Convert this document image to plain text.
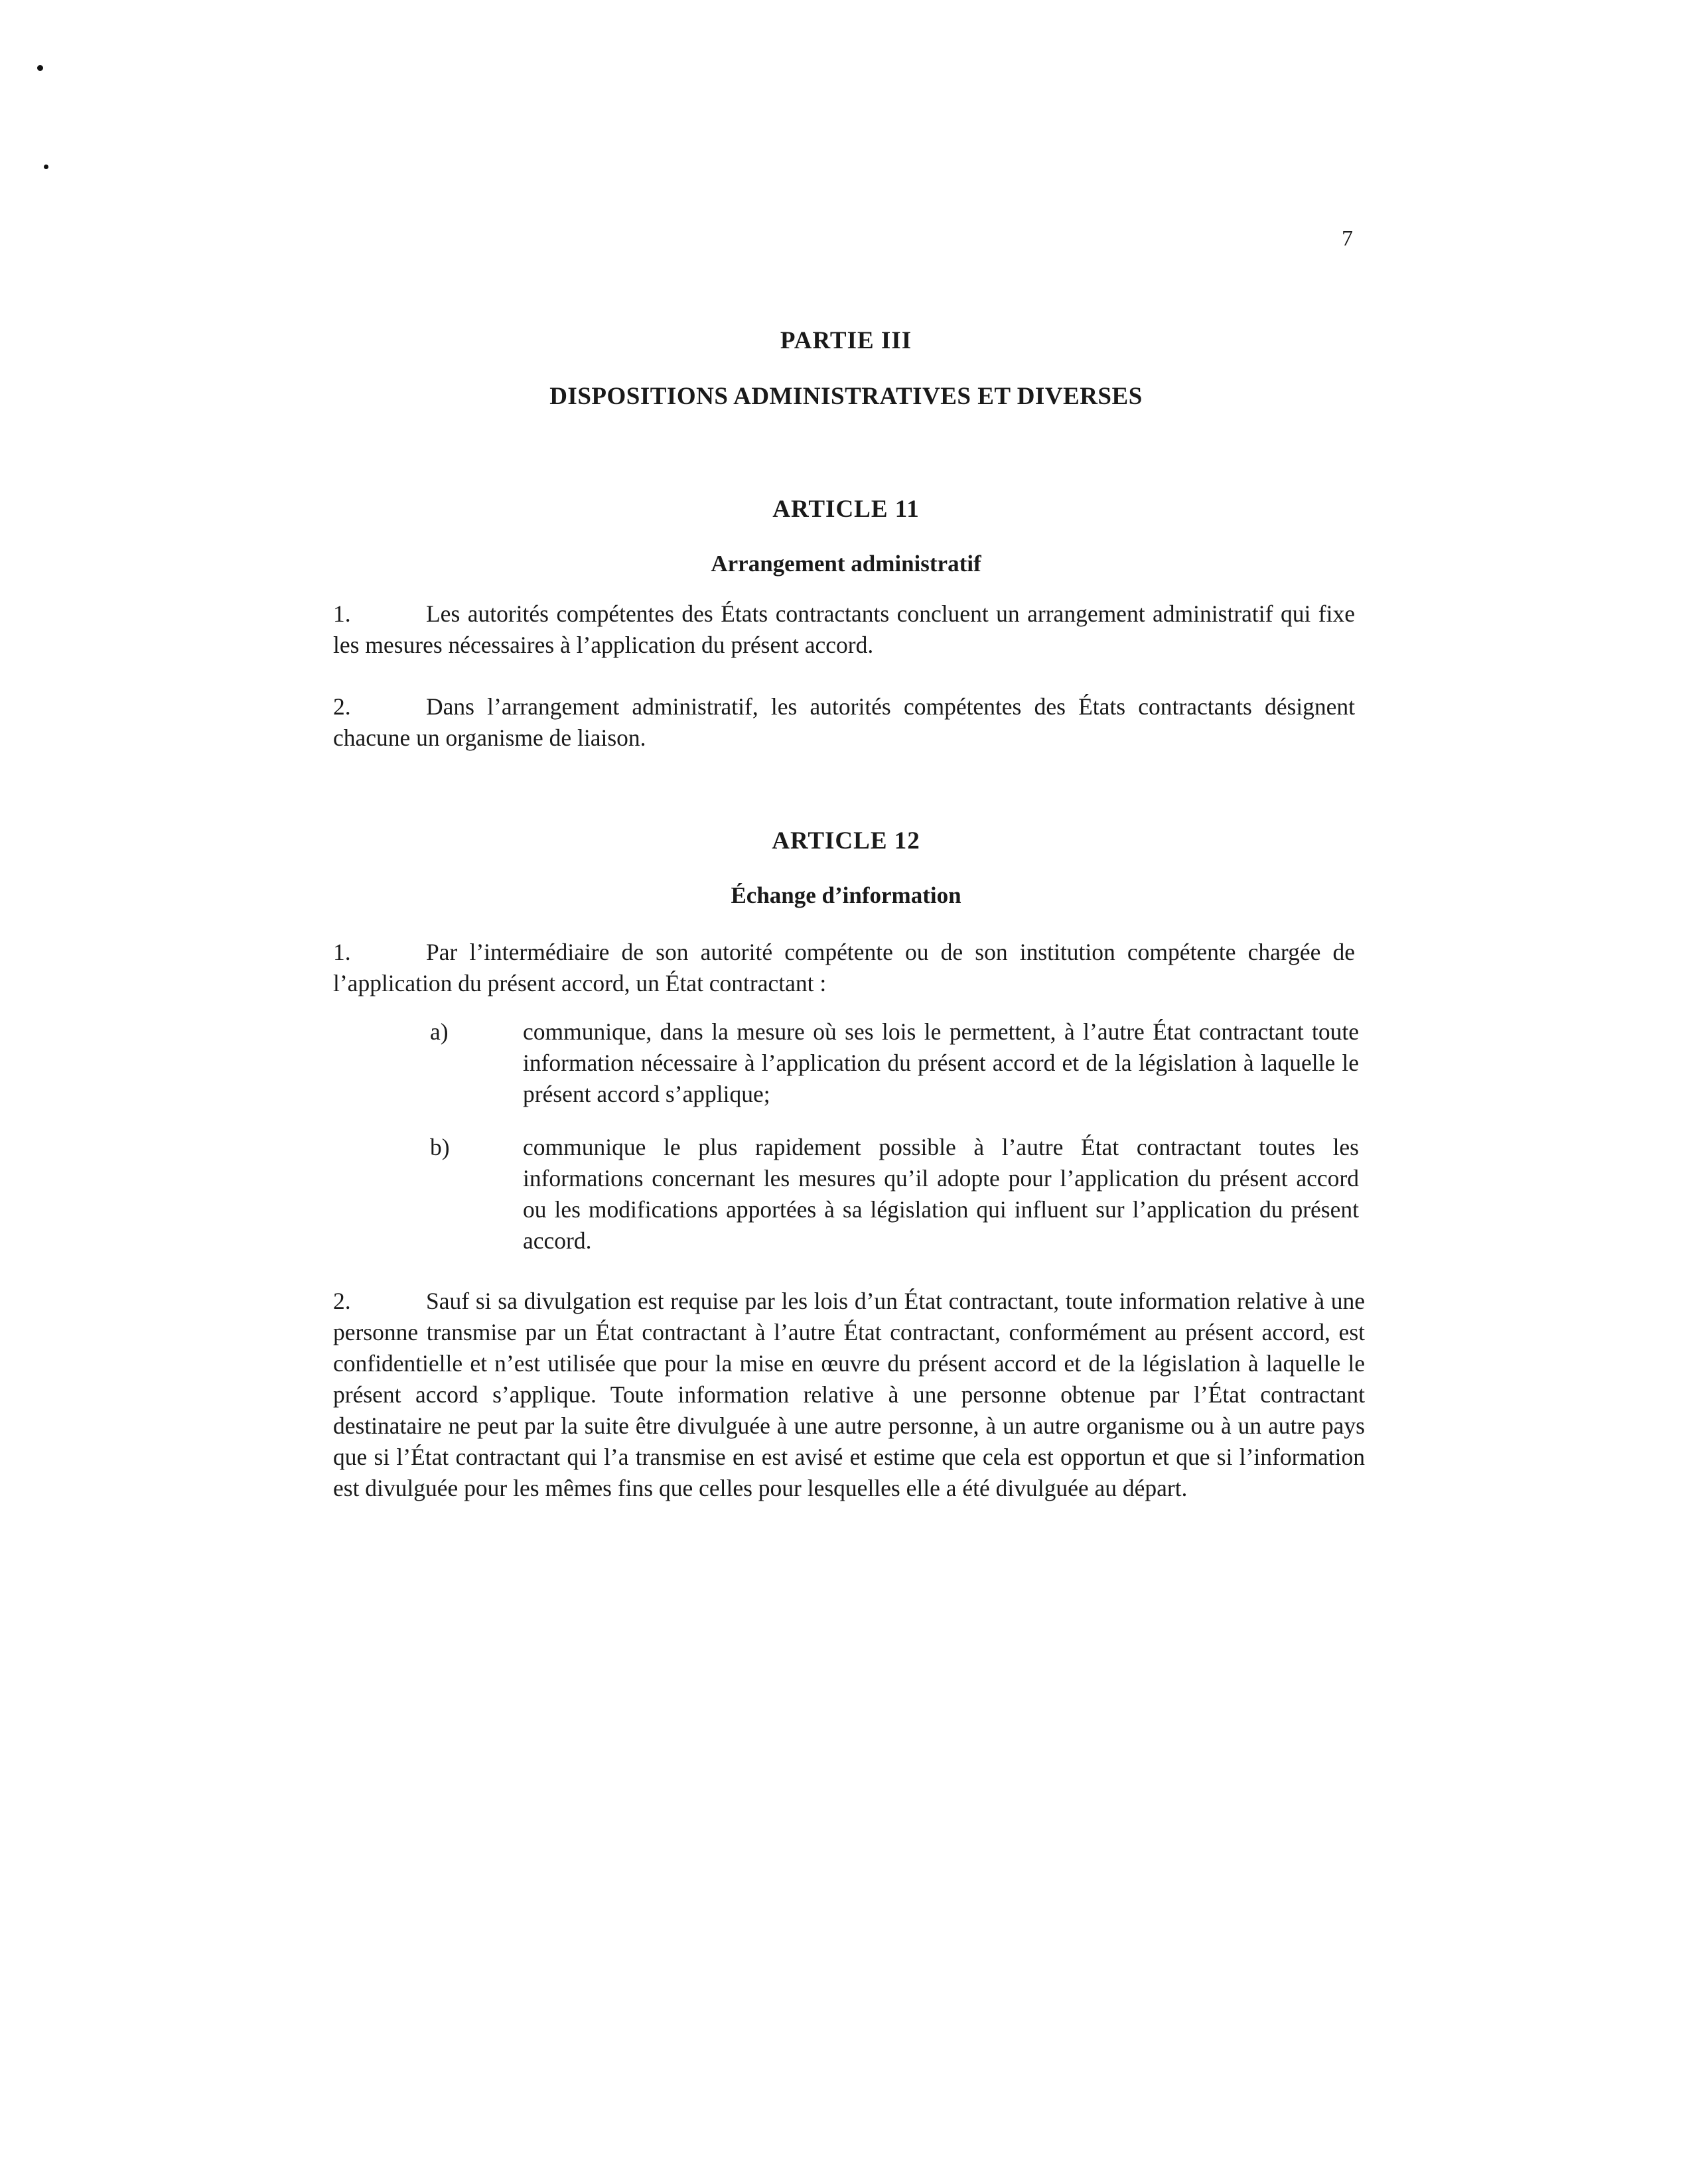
7
PARTIE III
DISPOSITIONS ADMINISTRATIVES ET DIVERSES
ARTICLE 11
Arrangement administratif
1.	Les autorités compétentes des États contractants concluent un arrangement administratif qui fixe les mesures nécessaires à l’application du présent accord.
2.	Dans l’arrangement administratif, les autorités compétentes des États contractants désignent chacune un organisme de liaison.
ARTICLE 12
Échange d’information
1.	Par l’intermédiaire de son autorité compétente ou de son institution compétente chargée de l’application du présent accord, un État contractant :
a)	communique, dans la mesure où ses lois le permettent, à l’autre État contractant toute information nécessaire à l’application du présent accord et de la législation à laquelle le présent accord s’applique;
b)	communique le plus rapidement possible à l’autre État contractant toutes les informations concernant les mesures qu’il adopte pour l’application du présent accord ou les modifications apportées à sa législation qui influent sur l’application du présent accord.
2.	Sauf si sa divulgation est requise par les lois d’un État contractant, toute information relative à une personne transmise par un État contractant à l’autre État contractant, conformément au présent accord, est confidentielle et n’est utilisée que pour la mise en œuvre du présent accord et de la législation à laquelle le présent accord s’applique. Toute information relative à une personne obtenue par l’État contractant destinataire ne peut par la suite être divulguée à une autre personne, à un autre organisme ou à un autre pays que si l’État contractant qui l’a transmise en est avisé et estime que cela est opportun et que si l’information est divulguée pour les mêmes fins que celles pour lesquelles elle a été divulguée au départ.
